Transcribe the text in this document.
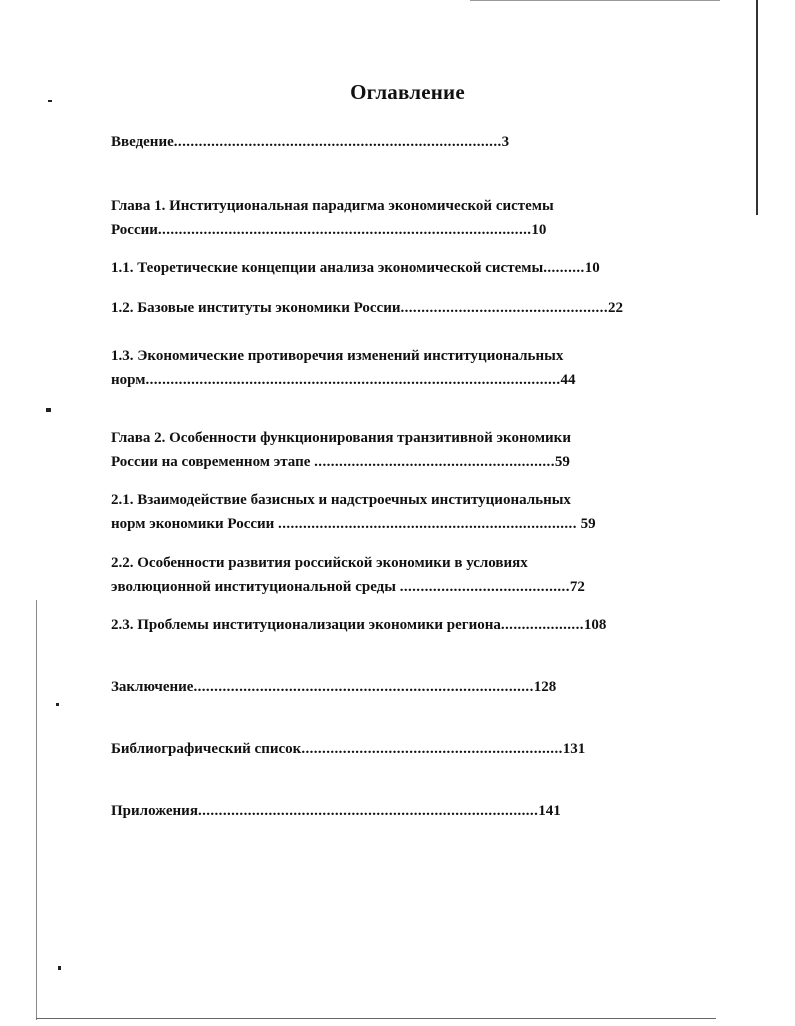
Оглавление
Введение...............................................................................3
Глава 1. Институциональная парадигма экономической системы
России..........................................................................................10
1.1. Теоретические концепции анализа экономической системы..........10
1.2. Базовые институты экономики России..................................................22
1.3. Экономические противоречия изменений институциональных
норм....................................................................................................44
Глава 2. Особенности функционирования транзитивной экономики
России на современном этапе ..........................................................59
2.1. Взаимодействие базисных и надстроечных институциональных
норм экономики России ........................................................................ 59
2.2. Особенности развития российской экономики в условиях
эволюционной институциональной среды .........................................72
2.3. Проблемы институционализации экономики региона....................108
Заключение..................................................................................128
Библиографический список...............................................................131
Приложения..................................................................................141
